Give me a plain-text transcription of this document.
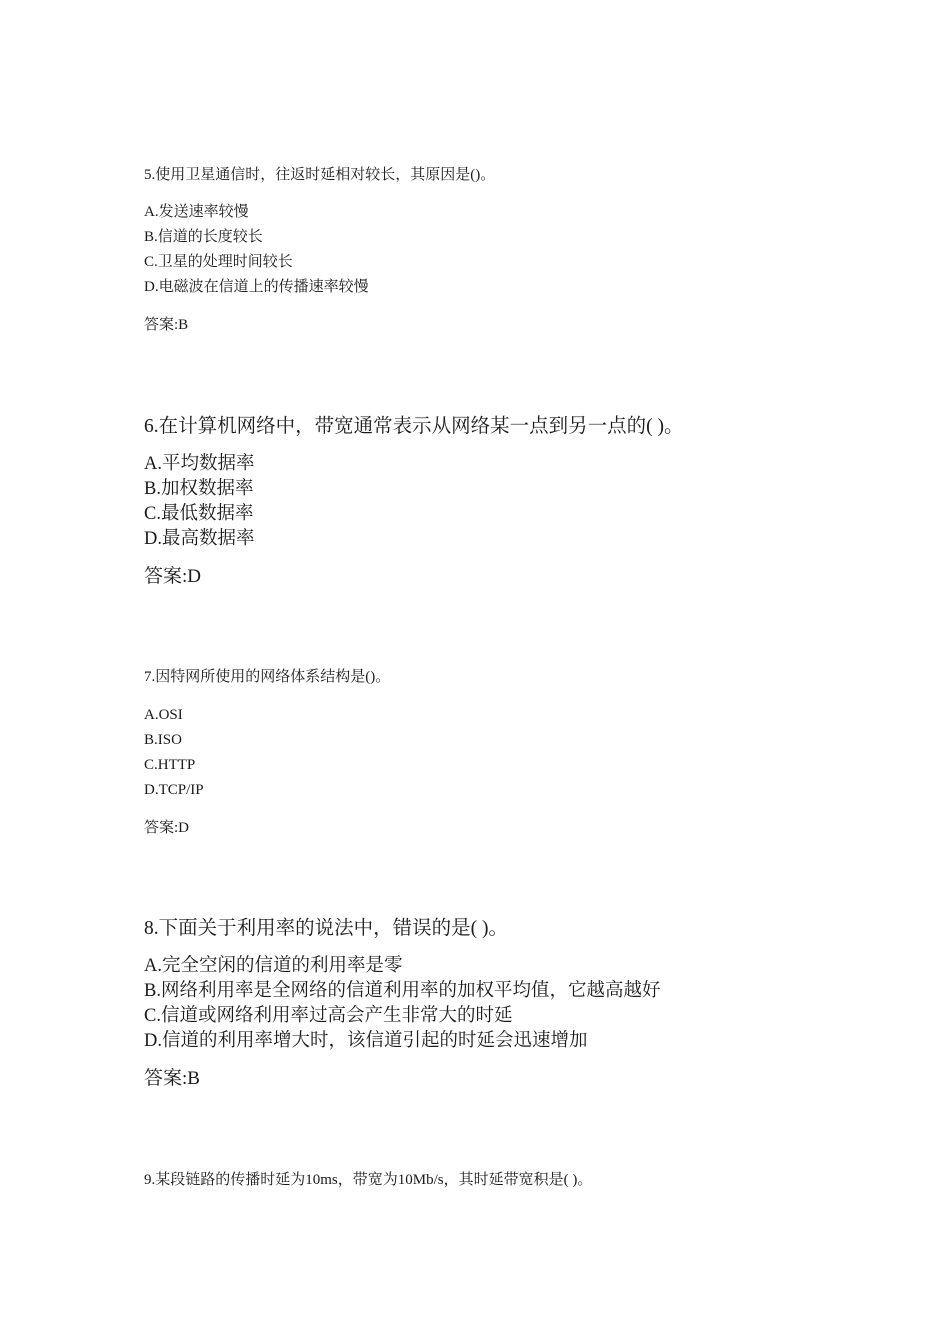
5.使用卫星通信时，往返时延相对较长，其原因是()。
A.发送速率较慢
B.信道的长度较长
C.卫星的处理时间较长
D.电磁波在信道上的传播速率较慢
答案:B
6.在计算机网络中，带宽通常表示从网络某一点到另一点的( )。
A.平均数据率
B.加权数据率
C.最低数据率
D.最高数据率
答案:D
7.因特网所使用的网络体系结构是()。
A.OSI
B.ISO
C.HTTP
D.TCP/IP
答案:D
8.下面关于利用率的说法中，错误的是( )。
A.完全空闲的信道的利用率是零
B.网络利用率是全网络的信道利用率的加权平均值，它越高越好
C.信道或网络利用率过高会产生非常大的时延
D.信道的利用率增大时，该信道引起的时延会迅速增加
答案:B
9.某段链路的传播时延为10ms，带宽为10Mb/s，其时延带宽积是( )。
